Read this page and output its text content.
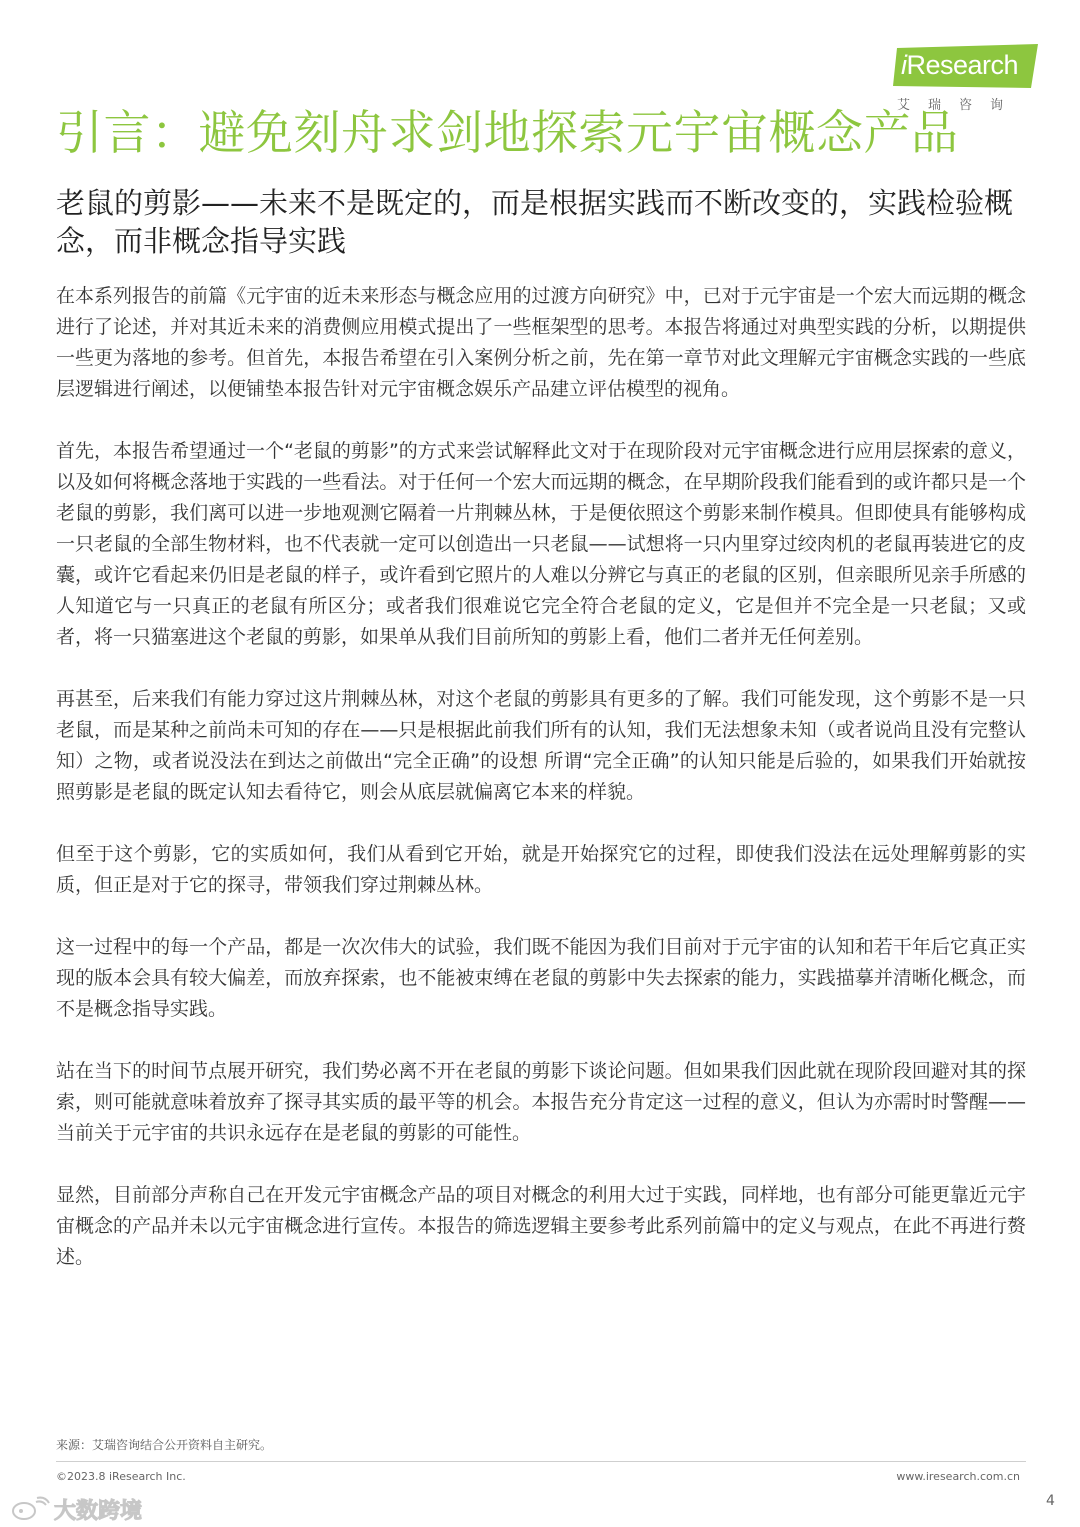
iResearch
艾瑞咨询
引言：避免刻舟求剑地探索元宇宙概念产品
老鼠的剪影——未来不是既定的，而是根据实践而不断改变的，实践检验概念，而非概念指导实践

在本系列报告的前篇《元宇宙的近未来形态与概念应用的过渡方向研究》中，已对于元宇宙是一个宏大而远期的概念进行了论述，并对其近未来的消费侧应用模式提出了一些框架型的思考。本报告将通过对典型实践的分析，以期提供一些更为落地的参考。但首先，本报告希望在引入案例分析之前，先在第一章节对此文理解元宇宙概念实践的一些底层逻辑进行阐述，以便铺垫本报告针对元宇宙概念娱乐产品建立评估模型的视角。

首先，本报告希望通过一个“老鼠的剪影”的方式来尝试解释此文对于在现阶段对元宇宙概念进行应用层探索的意义，以及如何将概念落地于实践的一些看法。对于任何一个宏大而远期的概念，在早期阶段我们能看到的或许都只是一个老鼠的剪影，我们离可以进一步地观测它隔着一片荆棘丛林，于是便依照这个剪影来制作模具。但即使具有能够构成一只老鼠的全部生物材料，也不代表就一定可以创造出一只老鼠——试想将一只内里穿过绞肉机的老鼠再装进它的皮囊，或许它看起来仍旧是老鼠的样子，或许看到它照片的人难以分辨它与真正的老鼠的区别，但亲眼所见亲手所感的人知道它与一只真正的老鼠有所区分；或者我们很难说它完全符合老鼠的定义，它是但并不完全是一只老鼠；又或者，将一只猫塞进这个老鼠的剪影，如果单从我们目前所知的剪影上看，他们二者并无任何差别。

再甚至，后来我们有能力穿过这片荆棘丛林，对这个老鼠的剪影具有更多的了解。我们可能发现，这个剪影不是一只老鼠，而是某种之前尚未可知的存在——只是根据此前我们所有的认知，我们无法想象未知（或者说尚且没有完整认知）之物，或者说没法在到达之前做出“完全正确”的设想 所谓“完全正确”的认知只能是后验的，如果我们开始就按照剪影是老鼠的既定认知去看待它，则会从底层就偏离它本来的样貌。

但至于这个剪影，它的实质如何，我们从看到它开始，就是开始探究它的过程，即使我们没法在远处理解剪影的实质，但正是对于它的探寻，带领我们穿过荆棘丛林。

这一过程中的每一个产品，都是一次次伟大的试验，我们既不能因为我们目前对于元宇宙的认知和若干年后它真正实现的版本会具有较大偏差，而放弃探索，也不能被束缚在老鼠的剪影中失去探索的能力，实践描摹并清晰化概念，而不是概念指导实践。

站在当下的时间节点展开研究，我们势必离不开在老鼠的剪影下谈论问题。但如果我们因此就在现阶段回避对其的探索，则可能就意味着放弃了探寻其实质的最平等的机会。本报告充分肯定这一过程的意义，但认为亦需时时警醒——当前关于元宇宙的共识永远存在是老鼠的剪影的可能性。

显然，目前部分声称自己在开发元宇宙概念产品的项目对概念的利用大过于实践，同样地，也有部分可能更靠近元宇宙概念的产品并未以元宇宙概念进行宣传。本报告的筛选逻辑主要参考此系列前篇中的定义与观点，在此不再进行赘述。

来源：艾瑞咨询结合公开资料自主研究。
©2023.8 iResearch Inc.	www.iresearch.com.cn
4
大数跨境
